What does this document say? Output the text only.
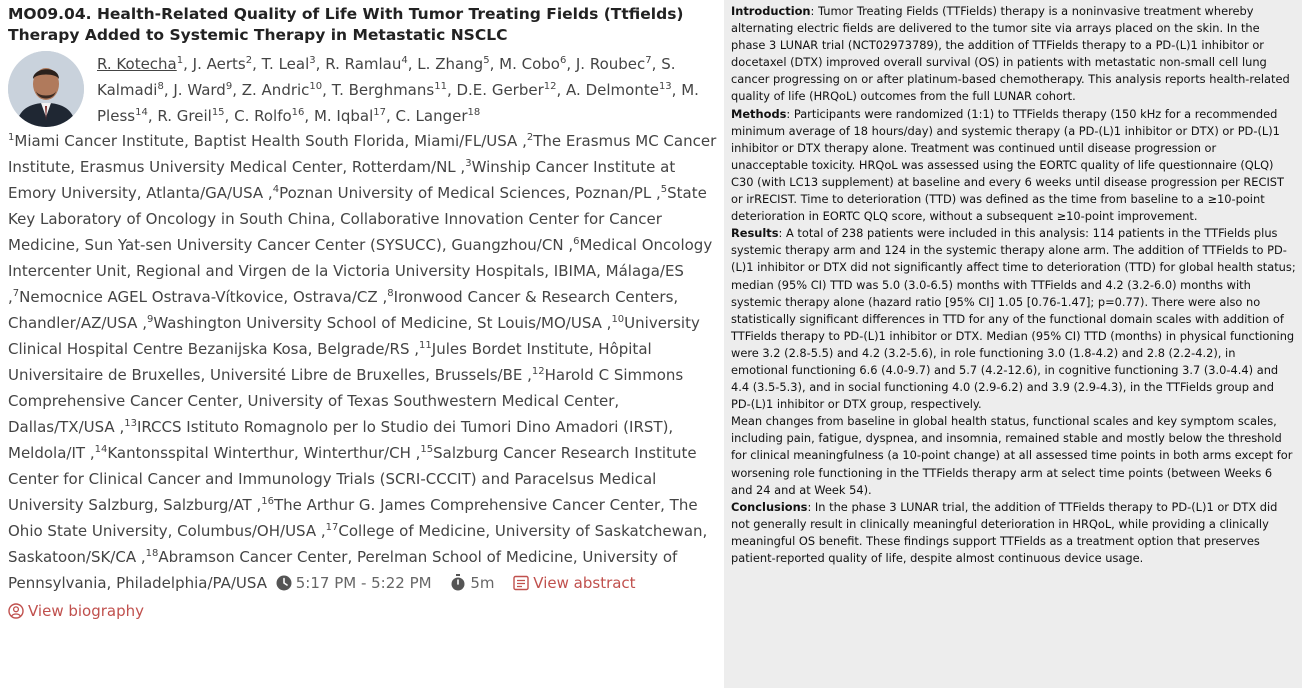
MO09.04. Health-Related Quality of Life With Tumor Treating Fields (Ttfields) Therapy Added to Systemic Therapy in Metastatic NSCLC
R. Kotecha$^1$, J. Aerts$^2$, T. Leal$^3$, R. Ramlau$^4$, L. Zhang$^5$, M. Cobo$^6$, J. Roubec$^7$, S. Kalmadi$^8$, J. Ward$^9$, Z. Andric$^{10}$, T. Berghmans$^{11}$, D.E. Gerber$^{12}$, A. Delmonte$^{13}$, M. Pless$^{14}$, R. Greil$^{15}$, C. Rolfo$^{16}$, M. Iqbal$^{17}$, C. Langer$^{18}$
$^1$Miami Cancer Institute, Baptist Health South Florida, Miami/FL/USA ,$^2$The Erasmus MC Cancer Institute, Erasmus University Medical Center, Rotterdam/NL ,$^3$Winship Cancer Institute at Emory University, Atlanta/GA/USA ,$^4$Poznan University of Medical Sciences, Poznan/PL ,$^5$State Key Laboratory of Oncology in South China, Collaborative Innovation Center for Cancer Medicine, Sun Yat-sen University Cancer Center (SYSUCC), Guangzhou/CN ,$^6$Medical Oncology Intercenter Unit, Regional and Virgen de la Victoria University Hospitals, IBIMA, Málaga/ES ,$^7$Nemocnice AGEL Ostrava-Vítkovice, Ostrava/CZ ,$^8$Ironwood Cancer & Research Centers, Chandler/AZ/USA ,$^9$Washington University School of Medicine, St Louis/MO/USA ,$^{10}$University Clinical Hospital Centre Bezanijska Kosa, Belgrade/RS ,$^{11}$Jules Bordet Institute, Hôpital Universitaire de Bruxelles, Université Libre de Bruxelles, Brussels/BE ,$^{12}$Harold C Simmons Comprehensive Cancer Center, University of Texas Southwestern Medical Center, Dallas/TX/USA ,$^{13}$IRCCS Istituto Romagnolo per lo Studio dei Tumori Dino Amadori (IRST), Meldola/IT ,$^{14}$Kantonsspital Winterthur, Winterthur/CH ,$^{15}$Salzburg Cancer Research Institute Center for Clinical Cancer and Immunology Trials (SCRI-CCCIT) and Paracelsus Medical University Salzburg, Salzburg/AT ,$^{16}$The Arthur G. James Comprehensive Cancer Center, The Ohio State University, Columbus/OH/USA ,$^{17}$College of Medicine, University of Saskatchewan, Saskatoon/SK/CA ,$^{18}$Abramson Cancer Center, Perelman School of Medicine, University of Pennsylvania, Philadelphia/PA/USA 5:17 PM - 5:22 PM	5m	View abstract
View biography

Introduction: Tumor Treating Fields (TTFields) therapy is a noninvasive treatment whereby alternating electric fields are delivered to the tumor site via arrays placed on the skin. In the phase 3 LUNAR trial (NCT02973789), the addition of TTFields therapy to a PD-(L)1 inhibitor or docetaxel (DTX) improved overall survival (OS) in patients with metastatic non-small cell lung cancer progressing on or after platinum-based chemotherapy. This analysis reports health-related quality of life (HRQoL) outcomes from the full LUNAR cohort.

Methods: Participants were randomized (1:1) to TTFields therapy (150 kHz for a recommended minimum average of 18 hours/day) and systemic therapy (a PD-(L)1 inhibitor or DTX) or PD-(L)1 inhibitor or DTX therapy alone. Treatment was continued until disease progression or unacceptable toxicity. HRQoL was assessed using the EORTC quality of life questionnaire (QLQ) C30 (with LC13 supplement) at baseline and every 6 weeks until disease progression per RECIST or irRECIST. Time to deterioration (TTD) was defined as the time from baseline to a ≥10-point deterioration in EORTC QLQ score, without a subsequent ≥10-point improvement.

Results: A total of 238 patients were included in this analysis: 114 patients in the TTFields plus systemic therapy arm and 124 in the systemic therapy alone arm. The addition of TTFields to PD-(L)1 inhibitor or DTX did not significantly affect time to deterioration (TTD) for global health status; median (95% CI) TTD was 5.0 (3.0-6.5) months with TTFields and 4.2 (3.2-6.0) months with systemic therapy alone (hazard ratio [95% CI] 1.05 [0.76-1.47]; p=0.77). There were also no statistically significant differences in TTD for any of the functional domain scales with addition of TTFields therapy to PD-(L)1 inhibitor or DTX. Median (95% CI) TTD (months) in physical functioning were 3.2 (2.8-5.5) and 4.2 (3.2-5.6), in role functioning 3.0 (1.8-4.2) and 2.8 (2.2-4.2), in emotional functioning 6.6 (4.0-9.7) and 5.7 (4.2-12.6), in cognitive functioning 3.7 (3.0-4.4) and 4.4 (3.5-5.3), and in social functioning 4.0 (2.9-6.2) and 3.9 (2.9-4.3), in the TTFields group and PD-(L)1 inhibitor or DTX group, respectively.

Mean changes from baseline in global health status, functional scales and key symptom scales, including pain, fatigue, dyspnea, and insomnia, remained stable and mostly below the threshold for clinical meaningfulness (a 10-point change) at all assessed time points in both arms except for worsening role functioning in the TTFields therapy arm at select time points (between Weeks 6 and 24 and at Week 54).

Conclusions: In the phase 3 LUNAR trial, the addition of TTFields therapy to PD-(L)1 or DTX did not generally result in clinically meaningful deterioration in HRQoL, while providing a clinically meaningful OS benefit. These findings support TTFields as a treatment option that preserves patient-reported quality of life, despite almost continuous device usage.
